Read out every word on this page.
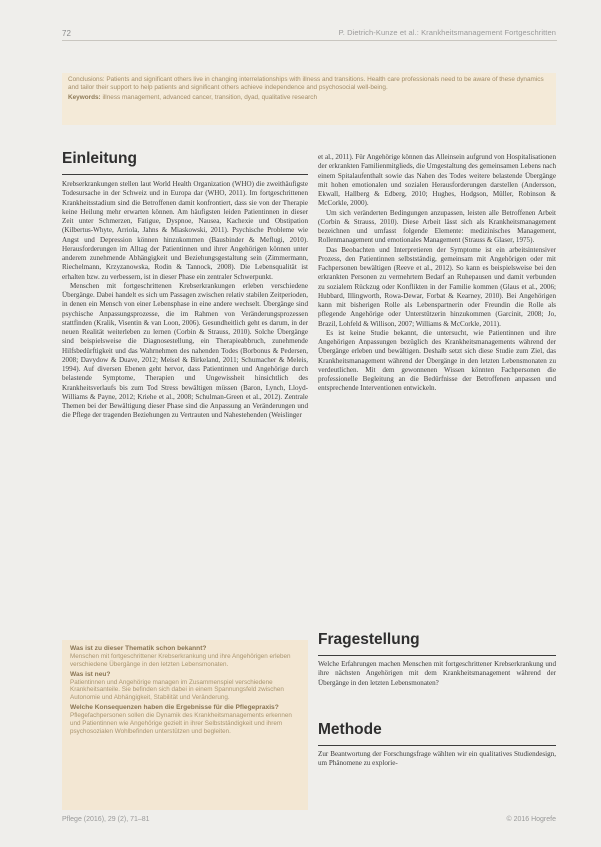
72	P. Dietrich-Kunze et al.: Krankheitsmanagement Fortgeschritten

Conclusions: Patients and significant others live in changing interrelationships with illness and transitions. Health care professionals need to be aware of these dynamics and tailor their support to help patients and significant others achieve independence and psychosocial well-being.

Keywords: illness management, advanced cancer, transition, dyad, qualitative research

Einleitung

Krebserkrankungen stellen laut World Health Organization (WHO) die zweithäufigste Todesursache in der Schweiz und in Europa dar (WHO, 2011). Im fortgeschrittenen Krankheitsstadium sind die Betroffenen damit konfrontiert, dass sie von der Therapie keine Heilung mehr erwarten können. Am häufigsten leiden Patientinnen in dieser Zeit unter Schmerzen, Fatigue, Dyspnoe, Nausea, Kachexie und Obstipation (Kilbertus-Whyte, Arriola, Jahns & Miaskowski, 2011). Psychische Probleme wie Angst und Depression können hinzukommen (Bausbinder & Meflugi, 2010). Herausforderungen im Alltag der Patientinnen und ihrer Angehörigen können unter anderem zunehmende Abhängigkeit und Beziehungsgestaltung sein (Zimmermann, Riechelmann, Krzyzanowska, Rodin & Tannock, 2008). Die Lebensqualität ist erhalten bzw. zu verbessern, ist in dieser Phase ein zentraler Schwerpunkt.

Menschen mit fortgeschrittenen Krebserkrankungen erleben verschiedene Übergänge. Dabei handelt es sich um Passagen zwischen relativ stabilen Zeitperioden, in denen ein Mensch von einer Lebensphase in eine andere wechselt. Übergänge sind psychische Anpassungsprozesse, die im Rahmen von Veränderungsprozessen stattfinden (Kralik, Visentin & van Loon, 2006). Gesundheitlich geht es darum, in der neuen Realität weiterleben zu lernen (Corbin & Strauss, 2010). Solche Übergänge sind beispielsweise die Diagnosestellung, ein Therapieabbruch, zunehmende Hilfsbedürftigkeit und das Wahrnehmen des nahenden Todes (Borbonus & Pedersen, 2008; Davydow & Duave, 2012; Meisel & Birkeland, 2011; Schumacher & Meleis, 1994). Auf diversen Ebenen geht hervor, dass Patientinnen und Angehörige durch belastende Symptome, Therapien und Ungewissheit hinsichtlich des Krankheitsverlaufs bis zum Tod Stress bewältigen müssen (Baron, Lynch, Lloyd-Williams & Payne, 2012; Kriehe et al., 2008; Schulman-Green et al., 2012). Zentrale Themen bei der Bewältigung dieser Phase sind die Anpassung an Veränderungen und die Pflege der tragenden Beziehungen zu Vertrauten und Nahestehenden (Weislinger

et al., 2011). Für Angehörige können das Alleinsein aufgrund von Hospitalisationen der erkrankten Familienmitglieds, die Umgestaltung des gemeinsamen Lebens nach einem Spitalaufenthalt sowie das Nahen des Todes weitere belastende Übergänge mit hohen emotionalen und sozialen Herausforderungen darstellen (Andersson, Ekwall, Hallberg & Edberg, 2010; Hughes, Hodgson, Müller, Robinson & McCorkle, 2000).

Um sich veränderten Bedingungen anzupassen, leisten alle Betroffenen Arbeit (Corbin & Strauss, 2010). Diese Arbeit lässt sich als Krankheitsmanagement bezeichnen und umfasst folgende Elemente: medizinisches Management, Rollenmanagement und emotionales Management (Strauss & Glaser, 1975).

Das Beobachten und Interpretieren der Symptome ist ein arbeitsintensiver Prozess, den Patientinnen selbstständig, gemeinsam mit Angehörigen oder mit Fachpersonen bewältigen (Reeve et al., 2012). So kann es beispielsweise bei den erkrankten Personen zu vermehrtem Bedarf an Ruhepausen und damit verbunden zu sozialem Rückzug oder Konflikten in der Familie kommen (Glaus et al., 2006; Hubbard, Illingworth, Rowa-Dewar, Forbat & Kearney, 2010). Bei Angehörigen kann mit bisherigen Rolle als Lebenspartnerin oder Freundin die Rolle als pflegende Angehörige oder Unterstützerin hinzukommen (Garcinit, 2008; Jo, Brazil, Lohfeld & Willison, 2007; Williams & McCorkle, 2011).

Es ist keine Studie bekannt, die untersucht, wie Patientinnen und ihre Angehörigen Anpassungen bezüglich des Krankheitsmanagements während der Übergänge erleben und bewältigen. Deshalb setzt sich diese Studie zum Ziel, das Krankheitsmanagement während der Übergänge in den letzten Lebensmonaten zu verdeutlichen. Mit dem gewonnenen Wissen könnten Fachpersonen die professionelle Begleitung an die Bedürfnisse der Betroffenen anpassen und entsprechende Interventionen entwickeln.

Was ist zu dieser Thematik schon bekannt?

Menschen mit fortgeschrittener Krebserkrankung und ihre Angehörigen erleben verschiedene Übergänge in den letzten Lebensmonaten.

Was ist neu?

Patientinnen und Angehörige managen im Zusammenspiel verschiedene Krankheitsanteile. Sie befinden sich dabei in einem Spannungsfeld zwischen Autonomie und Abhängigkeit, Stabilität und Veränderung.

Welche Konsequenzen haben die Ergebnisse für die Pflegepraxis?

Pflegefachpersonen sollen die Dynamik des Krankheitsmanagements erkennen und Patientinnen wie Angehörige gezielt in ihrer Selbstständigkeit und ihrem psychosozialen Wohlbefinden unterstützen und begleiten.

Fragestellung

Welche Erfahrungen machen Menschen mit fortgeschrittener Krebserkrankung und ihre nächsten Angehörigen mit dem Krankheitsmanagement während der Übergänge in den letzten Lebensmonaten?

Methode

Zur Beantwortung der Forschungsfrage wählten wir ein qualitatives Studiendesign, um Phänomene zu explorie-

Pflege (2016), 29 (2), 71–81	© 2016 Hogrefe
